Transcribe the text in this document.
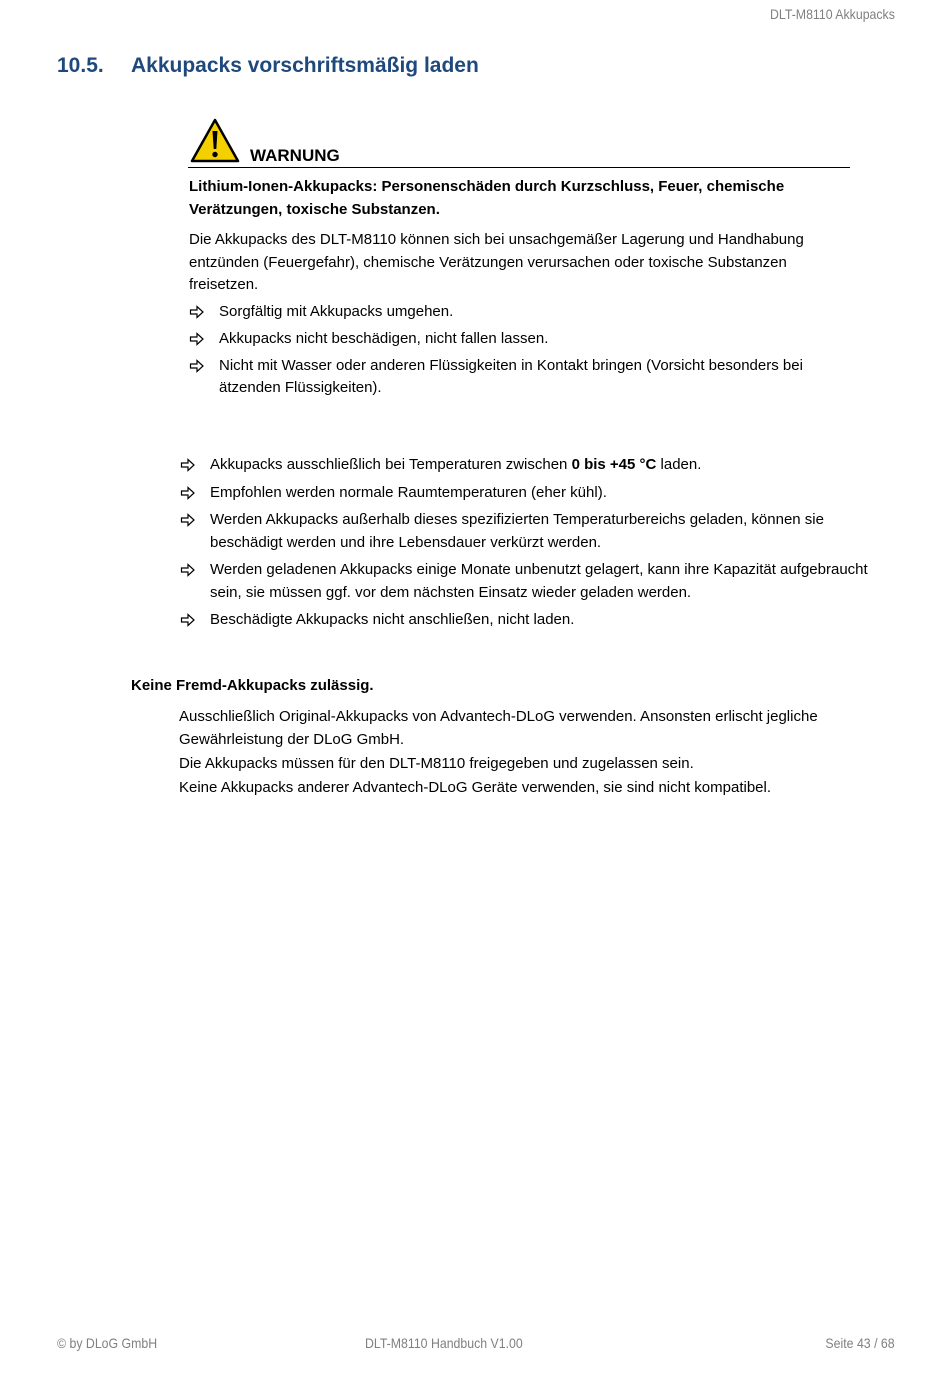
DLT-M8110 Akkupacks
10.5. Akkupacks vorschriftsmäßig laden
WARNUNG

Lithium-Ionen-Akkupacks: Personenschäden durch Kurzschluss, Feuer, chemische Verätzungen, toxische Substanzen.

Die Akkupacks des DLT-M8110 können sich bei unsachgemäßer Lagerung und Handhabung entzünden (Feuergefahr), chemische Verätzungen verursachen oder toxische Substanzen freisetzen.

Sorgfältig mit Akkupacks umgehen.
Akkupacks nicht beschädigen, nicht fallen lassen.
Nicht mit Wasser oder anderen Flüssigkeiten in Kontakt bringen (Vorsicht besonders bei ätzenden Flüssigkeiten).
Akkupacks ausschließlich bei Temperaturen zwischen 0 bis +45 °C laden.
Empfohlen werden normale Raumtemperaturen (eher kühl).
Werden Akkupacks außerhalb dieses spezifizierten Temperaturbereichs geladen, können sie beschädigt werden und ihre Lebensdauer verkürzt werden.
Werden geladenen Akkupacks einige Monate unbenutzt gelagert, kann ihre Kapazität aufgebraucht sein, sie müssen ggf. vor dem nächsten Einsatz wieder geladen werden.
Beschädigte Akkupacks nicht anschließen, nicht laden.
Keine Fremd-Akkupacks zulässig.

Ausschließlich Original-Akkupacks von Advantech-DLoG verwenden. Ansonsten erlischt jegliche Gewährleistung der DLoG GmbH.

Die Akkupacks müssen für den DLT-M8110 freigegeben und zugelassen sein.

Keine Akkupacks anderer Advantech-DLoG Geräte verwenden, sie sind nicht kompatibel.

© by DLoG GmbH	DLT-M8110 Handbuch V1.00	Seite 43 / 68
